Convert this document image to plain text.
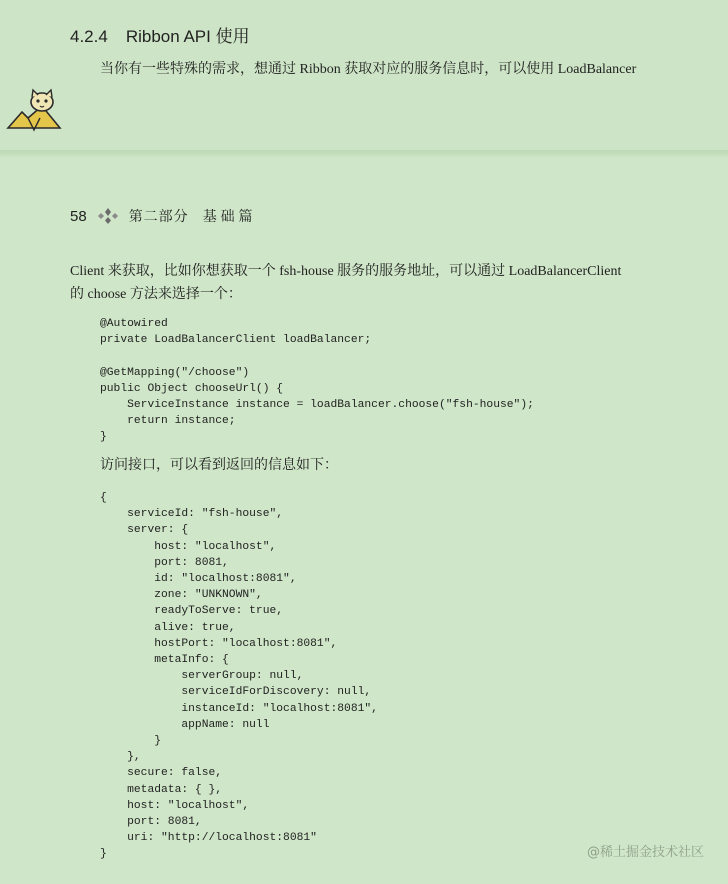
4.2.4 Ribbon API 使用
当你有一些特殊的需求，想通过 Ribbon 获取对应的服务信息时，可以使用 LoadBalancer
58	第二部分 基 础 篇
Client 来获取，比如你想获取一个 fsh-house 服务的服务地址，可以通过 LoadBalancerClient
的 choose 方法来选择一个：
@Autowired
private LoadBalancerClient loadBalancer;

@GetMapping("/choose")
public Object chooseUrl() {
ServiceInstance instance = loadBalancer.choose("fsh-house");
return instance;
}
访问接口，可以看到返回的信息如下：
{
serviceId: "fsh-house",
server: {
host: "localhost",
port: 8081,
id: "localhost:8081",
zone: "UNKNOWN",
readyToServe: true,
alive: true,
hostPort: "localhost:8081",
metaInfo: {
serverGroup: null,
serviceIdForDiscovery: null,
instanceId: "localhost:8081",
appName: null
}
},
secure: false,
metadata: { },
host: "localhost",
port: 8081,
uri: "http://localhost:8081"
}	@稀土掘金技术社区
